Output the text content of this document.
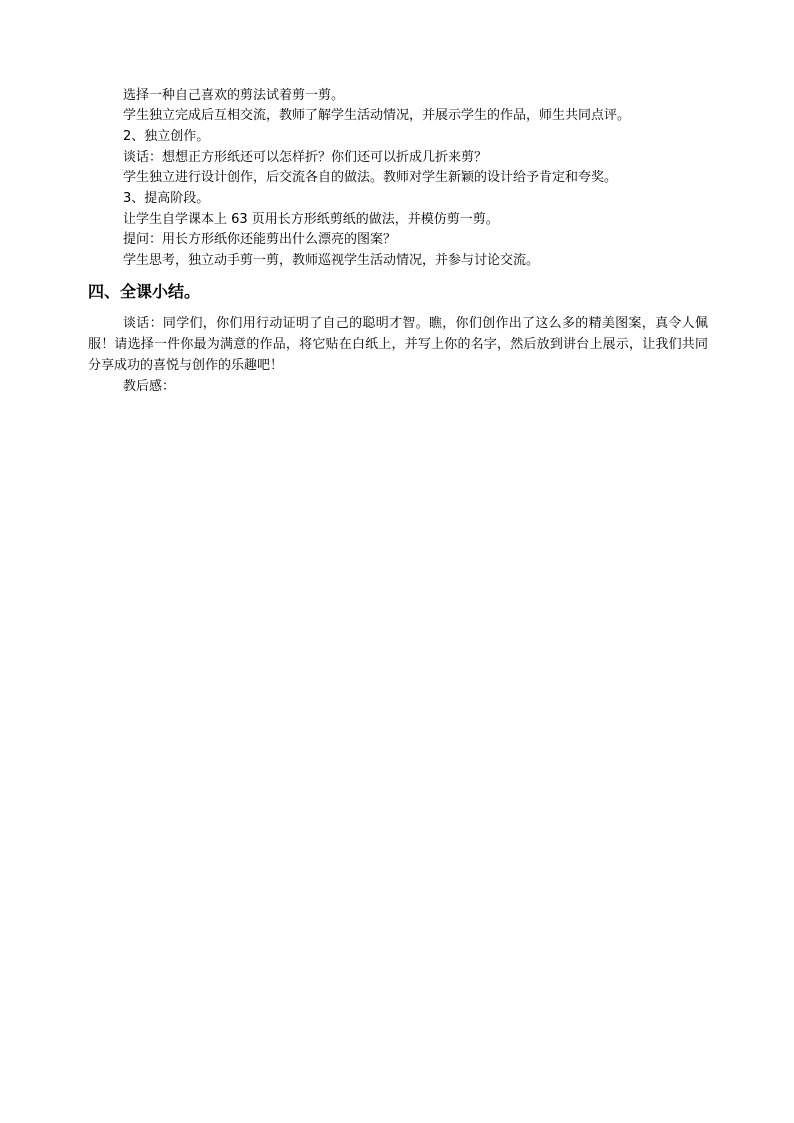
选择一种自己喜欢的剪法试着剪一剪。
学生独立完成后互相交流，教师了解学生活动情况，并展示学生的作品，师生共同点评。
2、独立创作。
谈话：想想正方形纸还可以怎样折？你们还可以折成几折来剪？
学生独立进行设计创作，后交流各自的做法。教师对学生新颖的设计给予肯定和夸奖。
3、提高阶段。
让学生自学课本上 63 页用长方形纸剪纸的做法，并模仿剪一剪。
提问：用长方形纸你还能剪出什么漂亮的图案？
学生思考，独立动手剪一剪，教师巡视学生活动情况，并参与讨论交流。
四、全课小结。
谈话：同学们，你们用行动证明了自己的聪明才智。瞧，你们创作出了这么多的精美图案，真令人佩服！请选择一件你最为满意的作品，将它贴在白纸上，并写上你的名字，然后放到讲台上展示，让我们共同分享成功的喜悦与创作的乐趣吧！
教后感：
